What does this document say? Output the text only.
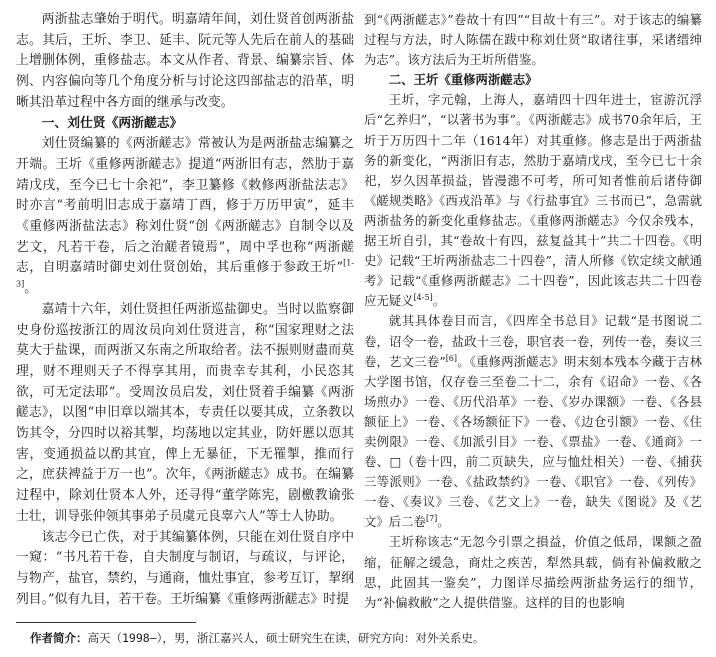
两浙盐志肇始于明代。明嘉靖年间，刘仕贤首创两浙盐志。其后，王圻、李卫、延丰、阮元等人先后在前人的基础上增删体例，重修盐志。本文从作者、背景、编纂宗旨、体例、内容偏向等几个角度分析与讨论这四部盐志的沿革，明晰其沿革过程中各方面的继承与改变。

一、刘仕贤《两浙鹾志》

刘仕贤编纂的《两浙鹾志》常被认为是两浙盐志编纂之开端。王圻《重修两浙鹾志》提道“两浙旧有志，然肋于嘉靖戊戌，至今已七十余祀”，李卫纂修《敕修两浙盐法志》时亦言“考前明旧志成于嘉靖丁酉，修于万历甲寅”，延丰《重修两浙盐法志》称刘仕贤“创《两浙鹾志》自制令以及艺文，凡若干卷，后之治鹾者镜焉”，周中孚也称“两浙鹾志，自明嘉靖时御史刘仕贤创始，其后重修于参政王圻”[1-3]。

嘉靖十六年，刘仕贤担任两浙巡盐御史。当时以监察御史身份巡按浙江的周汝员向刘仕贤进言，称“国家理财之法莫大于盐课，而两浙又东南之所取给者。法不振则财盡而莫理，财不理则天子不得享其用，而贵幸专其利，小民恣其欲，可无定法耶”。受周汝员启发，刘仕贤着手编纂《两浙鹾志》，以图“申旧章以端其本，专责任以要其成，立条教以饬其令，分四时以裕其掣，均荡地以定其业，防奸慝以恧其害，变通损益以酌其宜，俾上无暴征，下无罹掣，推而行之，庶获裨益于万一也”。次年，《两浙鹾志》成书。在编纂过程中，除刘仕贤本人外，还寻得“董学陈宪，剧檄教谕张士壮，训导张仲领其事弟子员虞元良辜六人”等士人协助。

该志今已亡佚，对于其编纂体例，只能在刘仕贤自序中一窥：“书凡若干卷，自夫制度与制诏，与疏议，与评论，与物产，盐官，禁约，与通商，恤灶事宜，参考互订，挈纲列目。”似有九目，若干卷。王圻编纂《重修两浙鹾志》时提

到“《两浙鹾志》”卷故十有四”“目故十有三”。对于该志的编纂过程与方法，时人陈儒在跋中称刘仕贤“取诸往事，采诸缙绅为志”。该方法后为王圻所借鉴。

二、王圻《重修两浙鹾志》

王圻，字元翰，上海人，嘉靖四十四年进士，宦游沉浮后“乞养归”，“以著书为事”。《两浙鹾志》成书70余年后，王圻于万历四十二年（1614年）对其重修。修志是出于两浙盐务的新变化，“两浙旧有志，然肋于嘉靖戊戌，至今已七十余祀，岁久因革损益，皆漫漶不可考，所可知者惟前后诸侍御《鹾规类略》《西戎沿革》与《行盐事宜》三书而已”，急需就两浙盐务的新变化重修盐志。《重修两浙鹾志》今仅余残本，据王圻自引，其“卷故十有四，兹复益其十”共二十四卷。《明史》记载“王圻两浙盐志二十四卷”，清人所修《钦定续文献通考》记载“《重修两浙鹾志》二十四卷”，因此该志共二十四卷应无疑义[4-5]。

就其具体卷目而言，《四库全书总目》记载“是书图说二卷，诏令一卷，盐政十三卷，职官表一卷，列传一卷，奏议三卷，艺文三卷”[6]。《重修两浙鹾志》明末刻本残本今藏于吉林大学图书馆，仅存卷三至卷二十二，余有《诏命》一卷、《各场煎办》一卷、《历代沿革》一卷、《岁办课额》一卷、《各县额征上》一卷、《各场额征下》一卷、《边仓引额》一卷、《住卖例限》一卷、《加派引目》一卷、《票盐》一卷、《通商》一卷、□（卷十四，前二页缺失，应与恤灶相关）一卷、《捕获三等派则》一卷、《盐政禁约》一卷、《职官》一卷、《列传》一卷、《奏议》三卷、《艺文上》一卷，缺失《图说》及《艺文》后二卷[7]。

王圻称该志“无忽今引票之損益，价值之低昂，课额之盈缩，征解之缓急，商灶之疾苦，犁然具载，倘有补偏救敝之思，此固其一鉴矣”，力图详尽描绘两浙盐务运行的细节，为“补偏救敝”之人提供借鉴。这样的目的也影响

作者简介：高天（1998—），男，浙江嘉兴人，硕士研究生在读，研究方向：对外关系史。
